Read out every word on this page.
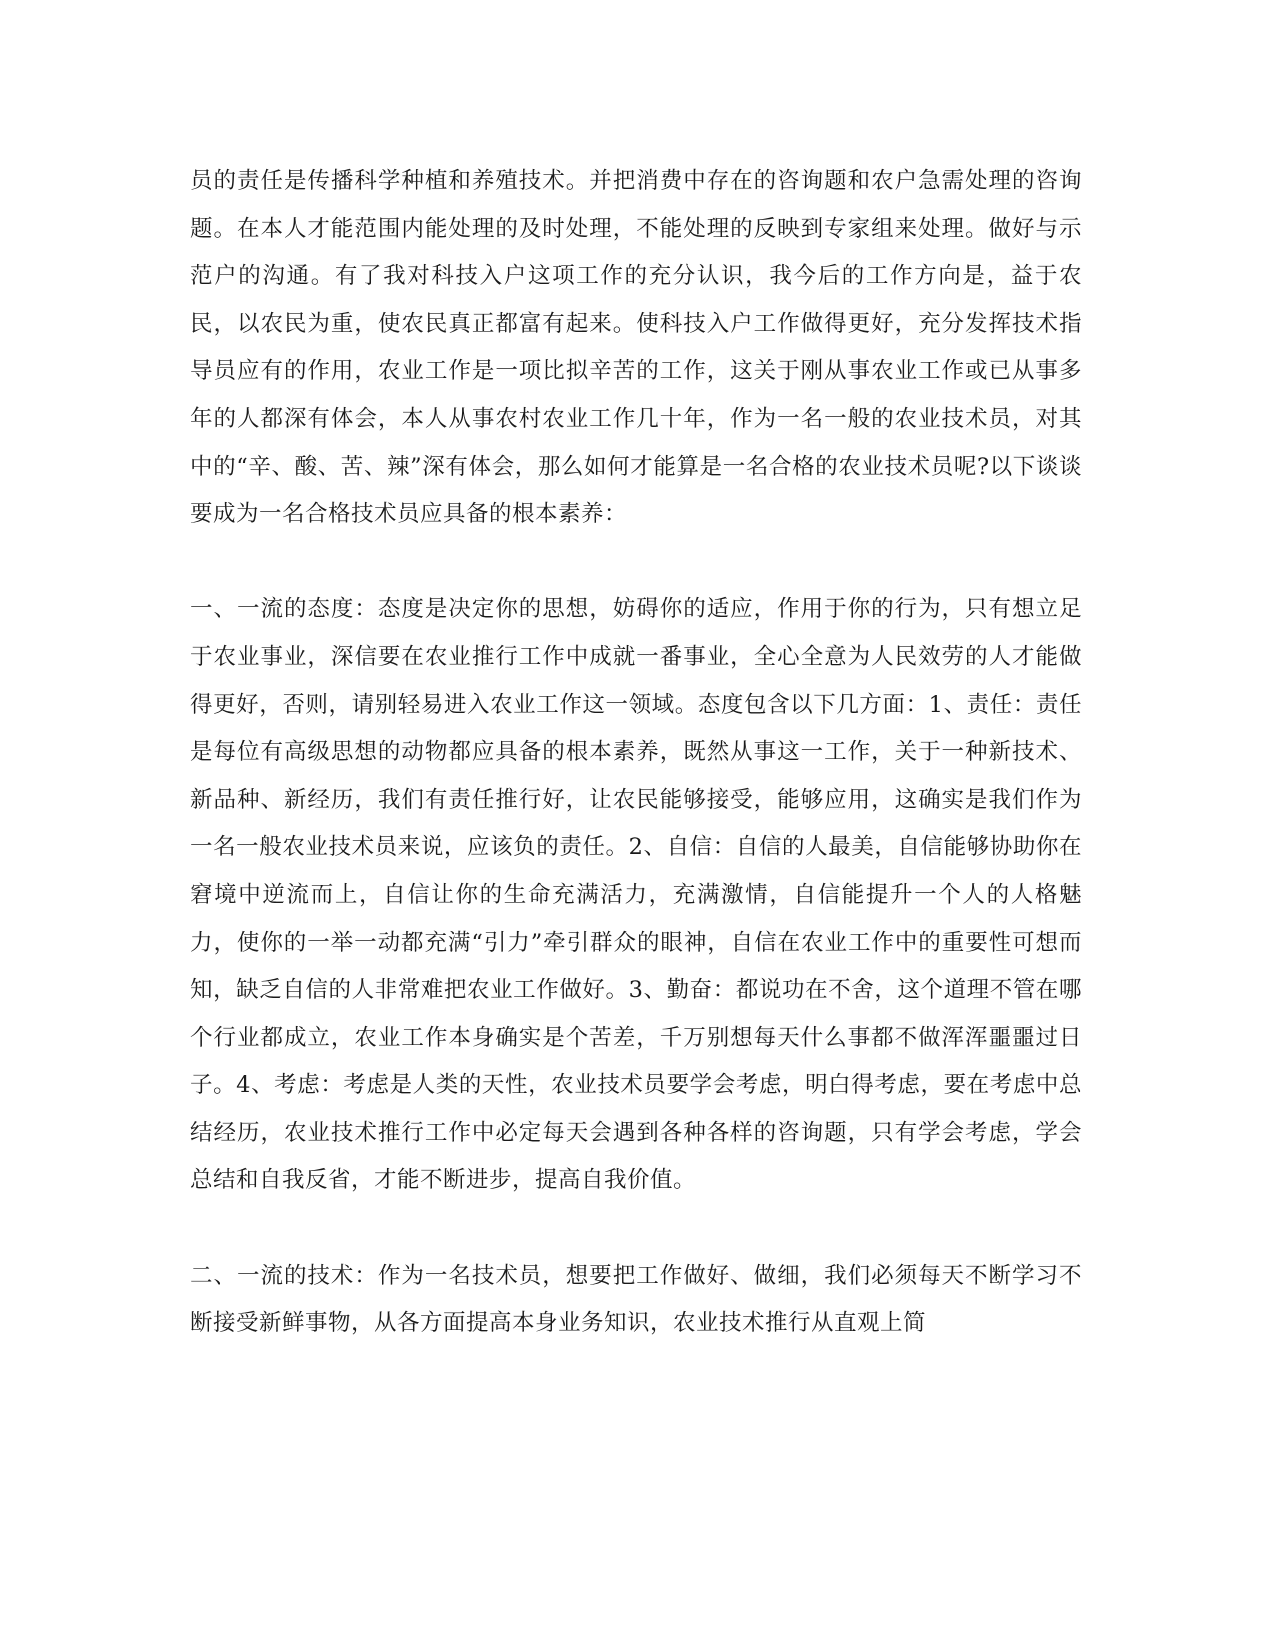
员的责任是传播科学种植和养殖技术。并把消费中存在的咨询题和农户急需处理的咨询题。在本人才能范围内能处理的及时处理，不能处理的反映到专家组来处理。做好与示范户的沟通。有了我对科技入户这项工作的充分认识，我今后的工作方向是，益于农民，以农民为重，使农民真正都富有起来。使科技入户工作做得更好，充分发挥技术指导员应有的作用，农业工作是一项比拟辛苦的工作，这关于刚从事农业工作或已从事多年的人都深有体会，本人从事农村农业工作几十年，作为一名一般的农业技术员，对其中的“辛、酸、苦、辣”深有体会，那么如何才能算是一名合格的农业技术员呢?以下谈谈要成为一名合格技术员应具备的根本素养：

一、一流的态度：态度是决定你的思想，妨碍你的适应，作用于你的行为，只有想立足于农业事业，深信要在农业推行工作中成就一番事业，全心全意为人民效劳的人才能做得更好，否则，请别轻易进入农业工作这一领域。态度包含以下几方面：1、责任：责任是每位有高级思想的动物都应具备的根本素养，既然从事这一工作，关于一种新技术、新品种、新经历，我们有责任推行好，让农民能够接受，能够应用，这确实是我们作为一名一般农业技术员来说，应该负的责任。2、自信：自信的人最美，自信能够协助你在窘境中逆流而上，自信让你的生命充满活力，充满激情，自信能提升一个人的人格魅力，使你的一举一动都充满“引力”牵引群众的眼神，自信在农业工作中的重要性可想而知，缺乏自信的人非常难把农业工作做好。3、勤奋：都说功在不舍，这个道理不管在哪个行业都成立，农业工作本身确实是个苦差，千万别想每天什么事都不做浑浑噩噩过日子。4、考虑：考虑是人类的天性，农业技术员要学会考虑，明白得考虑，要在考虑中总结经历，农业技术推行工作中必定每天会遇到各种各样的咨询题，只有学会考虑，学会总结和自我反省，才能不断进步，提高自我价值。

二、一流的技术：作为一名技术员，想要把工作做好、做细，我们必须每天不断学习不断接受新鲜事物，从各方面提高本身业务知识，农业技术推行从直观上简
